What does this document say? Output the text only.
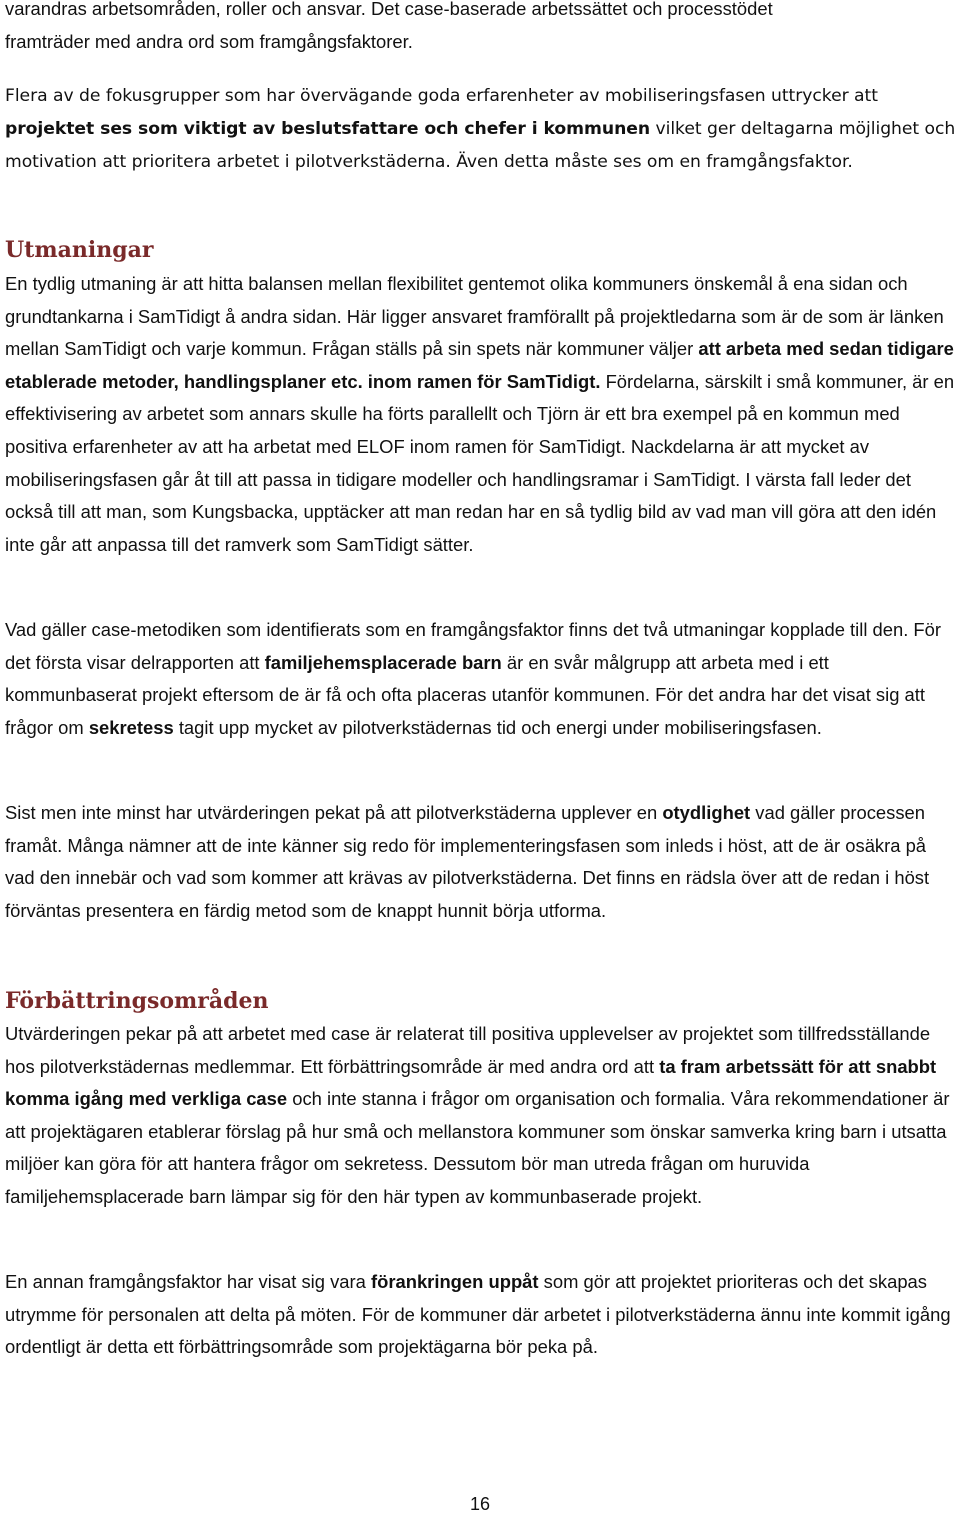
varandras arbetsområden, roller och ansvar. Det case-baserade arbetssättet och processtödet
framträder med andra ord som framgångsfaktorer.

Flera av de fokusgrupper som har övervägande goda erfarenheter av mobiliseringsfasen uttrycker att projektet ses som viktigt av beslutsfattare och chefer i kommunen vilket ger deltagarna möjlighet och motivation att prioritera arbetet i pilotverkstäderna. Även detta måste ses om en framgångsfaktor.

Utmaningar

En tydlig utmaning är att hitta balansen mellan flexibilitet gentemot olika kommuners önskemål å ena sidan och grundtankarna i SamTidigt å andra sidan. Här ligger ansvaret framförallt på projektledarna som är de som är länken mellan SamTidigt och varje kommun. Frågan ställs på sin spets när kommuner väljer att arbeta med sedan tidigare etablerade metoder, handlingsplaner etc. inom ramen för SamTidigt. Fördelarna, särskilt i små kommuner, är en effektivisering av arbetet som annars skulle ha förts parallellt och Tjörn är ett bra exempel på en kommun med positiva erfarenheter av att ha arbetat med ELOF inom ramen för SamTidigt. Nackdelarna är att mycket av mobiliseringsfasen går åt till att passa in tidigare modeller och handlingsramar i SamTidigt. I värsta fall leder det också till att man, som Kungsbacka, upptäcker att man redan har en så tydlig bild av vad man vill göra att den idén inte går att anpassa till det ramverk som SamTidigt sätter.

Vad gäller case-metodiken som identifierats som en framgångsfaktor finns det två utmaningar kopplade till den. För det första visar delrapporten att familjehemsplacerade barn är en svår målgrupp att arbeta med i ett kommunbaserat projekt eftersom de är få och ofta placeras utanför kommunen. För det andra har det visat sig att frågor om sekretess tagit upp mycket av pilotverkstädernas tid och energi under mobiliseringsfasen.

Sist men inte minst har utvärderingen pekat på att pilotverkstäderna upplever en otydlighet vad gäller processen framåt. Många nämner att de inte känner sig redo för implementeringsfasen som inleds i höst, att de är osäkra på vad den innebär och vad som kommer att krävas av pilotverkstäderna. Det finns en rädsla över att de redan i höst förväntas presentera en färdig metod som de knappt hunnit börja utforma.

Förbättringsområden

Utvärderingen pekar på att arbetet med case är relaterat till positiva upplevelser av projektet som tillfredsställande hos pilotverkstädernas medlemmar. Ett förbättringsområde är med andra ord att ta fram arbetssätt för att snabbt komma igång med verkliga case och inte stanna i frågor om organisation och formalia. Våra rekommendationer är att projektägaren etablerar förslag på hur små och mellanstora kommuner som önskar samverka kring barn i utsatta miljöer kan göra för att hantera frågor om sekretess. Dessutom bör man utreda frågan om huruvida familjehemsplacerade barn lämpar sig för den här typen av kommunbaserade projekt.

En annan framgångsfaktor har visat sig vara förankringen uppåt som gör att projektet prioriteras och det skapas utrymme för personalen att delta på möten. För de kommuner där arbetet i pilotverkstäderna ännu inte kommit igång ordentligt är detta ett förbättringsområde som projektägarna bör peka på.

16
